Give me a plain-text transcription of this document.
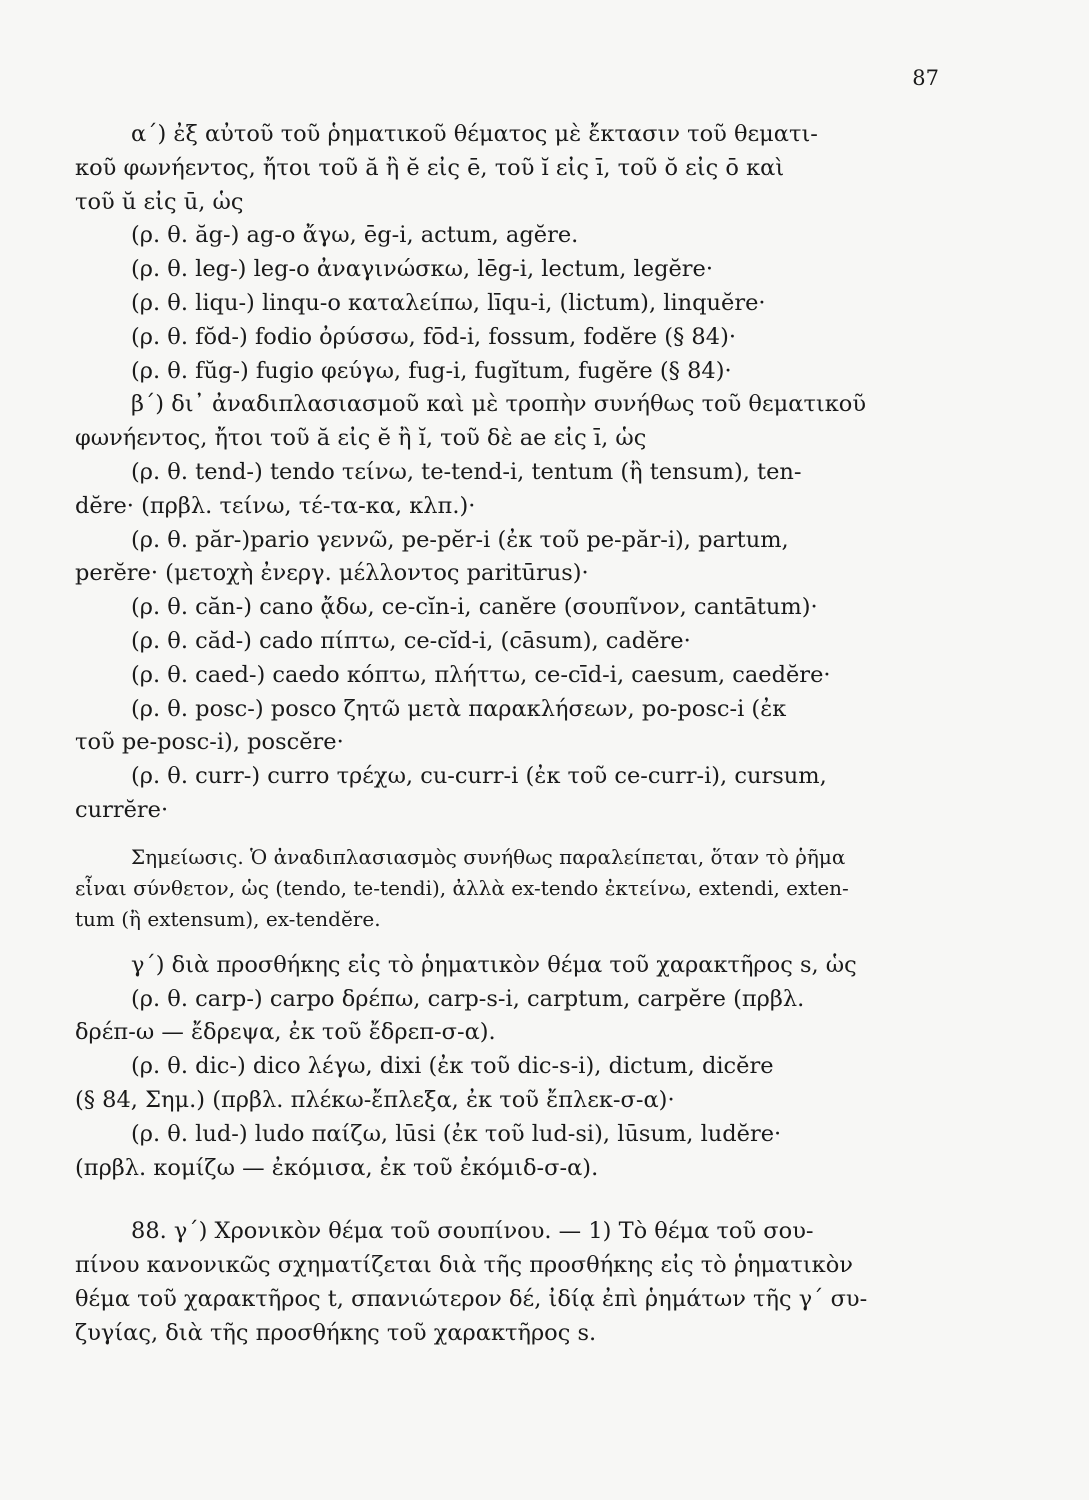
87
α΄) ἐξ αὐτοῦ τοῦ ῥηματικοῦ θέματος μὲ ἔκτασιν τοῦ θεματι-
κοῦ φωνήεντος, ἤτοι τοῦ ă ἢ ĕ εἰς ē, τοῦ ĭ εἰς ī, τοῦ ŏ εἰς ō καὶ
τοῦ ŭ εἰς ū, ὡς
(ρ. θ. ăg-) ag-o ἄγω, ēg-i, actum, agĕre.
(ρ. θ. leg-) leg-o ἀναγινώσκω, lēg-i, lectum, legĕre·
(ρ. θ. liqu-) linqu-o καταλείπω, līqu-i, (lictum), linquĕre·
(ρ. θ. fŏd-) fodio ὀρύσσω, fōd-i, fossum, fodĕre (§ 84)·
(ρ. θ. fŭg-) fugio φεύγω, fug-i, fugĭtum, fugĕre (§ 84)·
β΄) δι᾽ ἀναδιπλασιασμοῦ καὶ μὲ τροπὴν συνήθως τοῦ θεματικοῦ
φωνήεντος, ἤτοι τοῦ ă εἰς ĕ ἢ ĭ, τοῦ δὲ ae εἰς ī, ὡς
(ρ. θ. tend-) tendo τείνω, te-tend-i, tentum (ἢ tensum), ten-
dĕre· (πρβλ. τείνω, τέ-τα-κα, κλπ.)·
(ρ. θ. păr-)pario γεννῶ, pe-pĕr-i (ἐκ τοῦ pe-păr-i), partum,
perĕre· (μετοχὴ ἐνεργ. μέλλοντος paritūrus)·
(ρ. θ. căn-) cano ᾄδω, ce-cĭn-i, canĕre (σουπῖνον, cantātum)·
(ρ. θ. căd-) cado πίπτω, ce-cĭd-i, (cāsum), cadĕre·
(ρ. θ. caed-) caedo κόπτω, πλήττω, ce-cīd-i, caesum, caedĕre·
(ρ. θ. posc-) posco ζητῶ μετὰ παρακλήσεων, po-posc-i (ἐκ
τοῦ pe-posc-i), poscĕre·
(ρ. θ. curr-) curro τρέχω, cu-curr-i (ἐκ τοῦ ce-curr-i), cursum,
currĕre·
Σημείωσις. Ὁ ἀναδιπλασιασμὸς συνήθως παραλείπεται, ὅταν τὸ ῥῆμα
εἶναι σύνθετον, ὡς (tendo, te-tendi), ἀλλὰ ex-tendo ἐκτείνω, extendi, exten-
tum (ἢ extensum), ex-tendĕre.
γ΄) διὰ προσθήκης εἰς τὸ ῥηματικὸν θέμα τοῦ χαρακτῆρος s, ὡς
(ρ. θ. carp-) carpo δρέπω, carp-s-i, carptum, carpĕre (πρβλ.
δρέπ-ω — ἔδρεψα, ἐκ τοῦ ἔδρεπ-σ-α).
(ρ. θ. dic-) dico λέγω, dixi (ἐκ τοῦ dic-s-i), dictum, dicĕre
(§ 84, Σημ.) (πρβλ. πλέκω-ἔπλεξα, ἐκ τοῦ ἔπλεκ-σ-α)·
(ρ. θ. lud-) ludo παίζω, lūsi (ἐκ τοῦ lud-si), lūsum, ludĕre·
(πρβλ. κομίζω — ἐκόμισα, ἐκ τοῦ ἐκόμιδ-σ-α).
88. γ΄) Χρονικὸν θέμα τοῦ σουπίνου. — 1) Τὸ θέμα τοῦ σου-
πίνου κανονικῶς σχηματίζεται διὰ τῆς προσθήκης εἰς τὸ ῥηματικὸν
θέμα τοῦ χαρακτῆρος t, σπανιώτερον δέ, ἰδίᾳ ἐπὶ ῥημάτων τῆς γ΄ συ-
ζυγίας, διὰ τῆς προσθήκης τοῦ χαρακτῆρος s.
